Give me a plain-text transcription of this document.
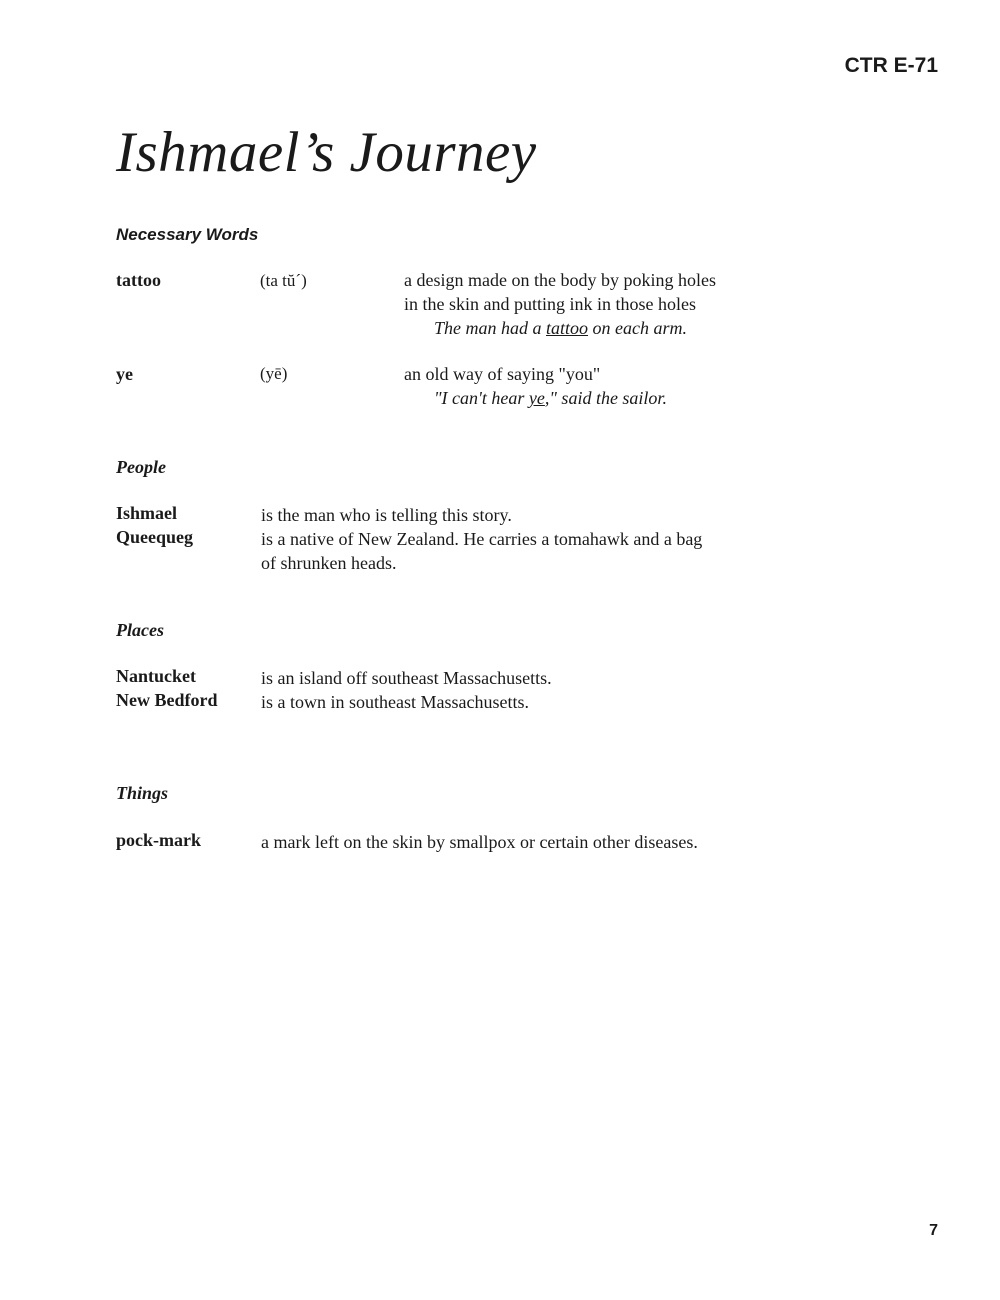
CTR E-71
Ishmael’s Journey
Necessary Words
tattoo	(ta tŭ´)	a design made on the body by poking holes
in the skin and putting ink in those holes
The man had a tattoo on each arm.
ye	(yē)	an old way of saying "you"
"I can't hear ye," said the sailor.
People
Ishmael	is the man who is telling this story.
Queequeg	is a native of New Zealand. He carries a tomahawk and a bag
of shrunken heads.
Places
Nantucket	is an island off southeast Massachusetts.
New Bedford is a town in southeast Massachusetts.
Things
pock-mark	a mark left on the skin by smallpox or certain other diseases.
7
